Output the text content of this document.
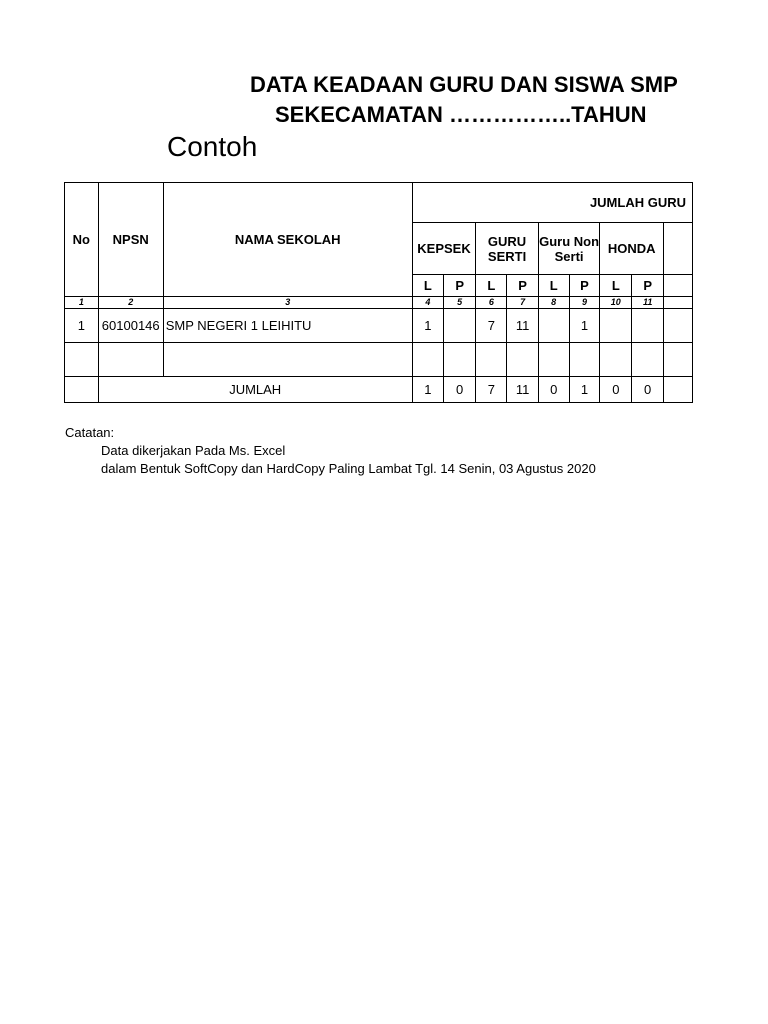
DATA KEADAAN GURU DAN SISWA SMP
SEKECAMATAN ……………..TAHUN
Contoh
No	NPSN	NAMA SEKOLAH	JUMLAH GURU								
			KEPSEK		GURU SERTI		Guru Non Serti		HONDA		
			L	P	L	P	L	P	L	P	
1	2	3	4	5	6	7	8	9	10	11	
1	60100146	SMP NEGERI 1 LEIHITU	1		7	11		1			

	JUMLAH		1	0	7	11	0	1	0	0	
Catatan:
Data dikerjakan Pada Ms. Excel
dalam Bentuk SoftCopy dan HardCopy Paling Lambat Tgl. 14 Senin, 03 Agustus 2020
